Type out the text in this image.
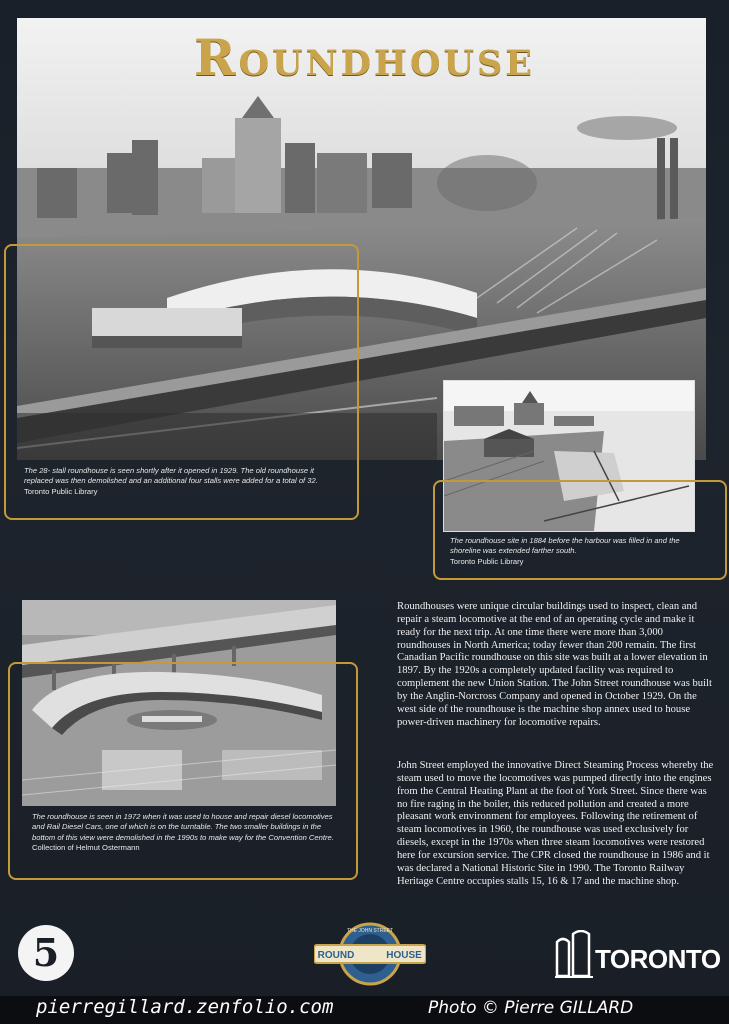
Roundhouse
The 28- stall roundhouse is seen shortly after it opened in 1929. The old roundhouse it replaced was then demolished and an additional four stalls were added for a total of 32.
Toronto Public Library
The roundhouse site in 1884 before the harbour was filled in and the shoreline was extended farther south.
Toronto Public Library
The roundhouse is seen in 1972 when it was used to house and repair diesel locomotives and Rail Diesel Cars, one of which is on the turntable. The two smaller buildings in the bottom of this view were demolished in the 1990s to make way for the Convention Centre.
Collection of Helmut Ostermann
Roundhouses were unique circular buildings used to inspect, clean and repair a steam locomotive at the end of an operating cycle and make it ready for the next trip. At one time there were more than 3,000 roundhouses in North America; today fewer than 200 remain. The first Canadian Pacific roundhouse on this site was built at a lower elevation in 1897. By the 1920s a completely updated facility was required to complement the new Union Station. The John Street roundhouse was built by the Anglin-Norcross Company and opened in October 1929. On the west side of the roundhouse is the machine shop annex used to house power-driven machinery for locomotive repairs.
John Street employed the innovative Direct Steaming Process whereby the steam used to move the locomotives was pumped directly into the engines from the Central Heating Plant at the foot of York Street. Since there was no fire raging in the boiler, this reduced pollution and created a more pleasant work environment for employees. Following the retirement of steam locomotives in 1960, the roundhouse was used exclusively for diesels, except in the 1970s when three steam locomotives were restored here for excursion service. The CPR closed the roundhouse in 1986 and it was declared a National Historic Site in 1990. The Toronto Railway Heritage Centre occupies stalls 15, 16 & 17 and the machine shop.
5	ROUND	HOUSE
THE JOHN STREET
TORONTO
pierregillard.zenfolio.com	Photo © Pierre GILLARD
